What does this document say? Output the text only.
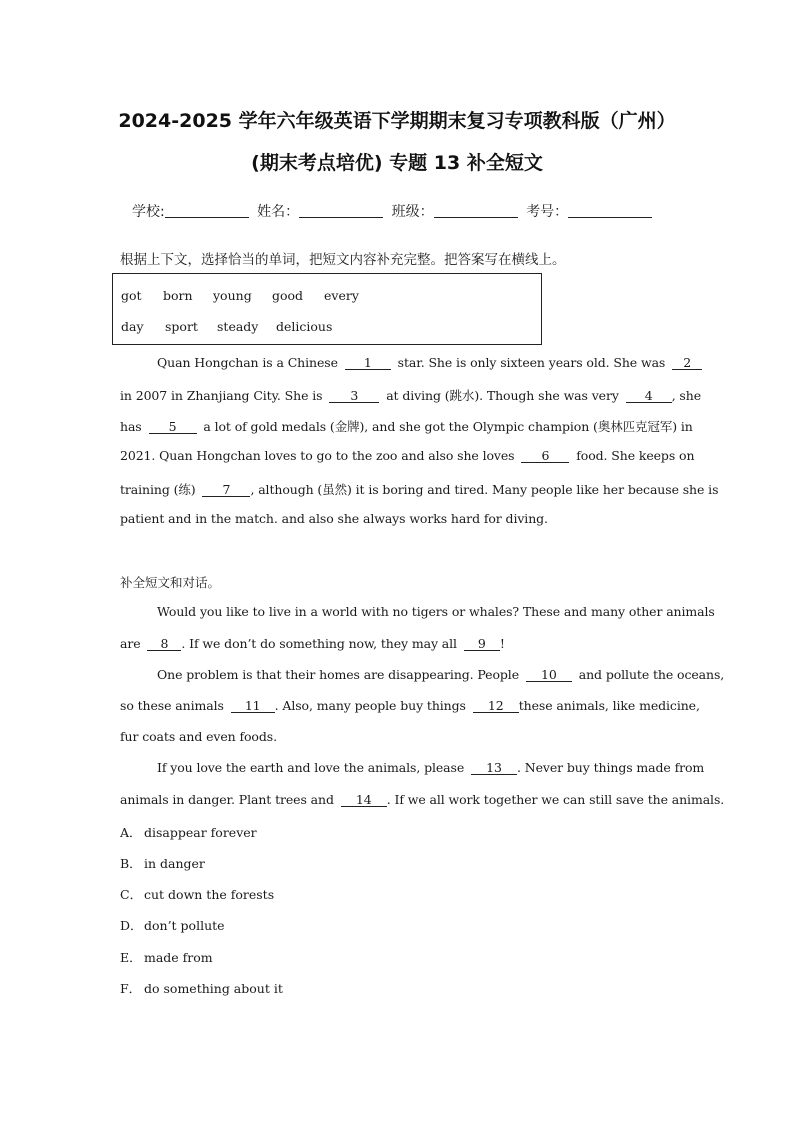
2024-2025 学年六年级英语下学期期末复习专项教科版（广州）
(期末考点培优) 专题 13 补全短文
学校:	姓名：	班级：	考号：
根据上下文，选择恰当的单词，把短文内容补充完整。把答案写在横线上。
got born young good every
day sport steady delicious
Quan Hongchan is a Chinese 1 star. She is only sixteen years old. She was 2
in 2007 in Zhanjiang City. She is 3 at diving (跳水). Though she was very 4 , she
has 5 a lot of gold medals (金牌), and she got the Olympic champion (奥林匹克冠军) in
2021. Quan Hongchan loves to go to the zoo and also she loves 6 food. She keeps on
training (练) 7 , although (虽然) it is boring and tired. Many people like her because she is
patient and in the match. and also she always works hard for diving.
补全短文和对话。
Would you like to live in a world with no tigers or whales? These and many other animals
are 8 . If we don’t do something now, they may all 9 !
One problem is that their homes are disappearing. People 10 and pollute the oceans,
so these animals 11 . Also, many people buy things 12 these animals, like medicine,
fur coats and even foods.
If you love the earth and love the animals, please 13 . Never buy things made from
animals in danger. Plant trees and 14 . If we all work together we can still save the animals.
A． disappear forever
B． in danger
C． cut down the forests
D．don’t pollute
E． made from
F． do something about it
